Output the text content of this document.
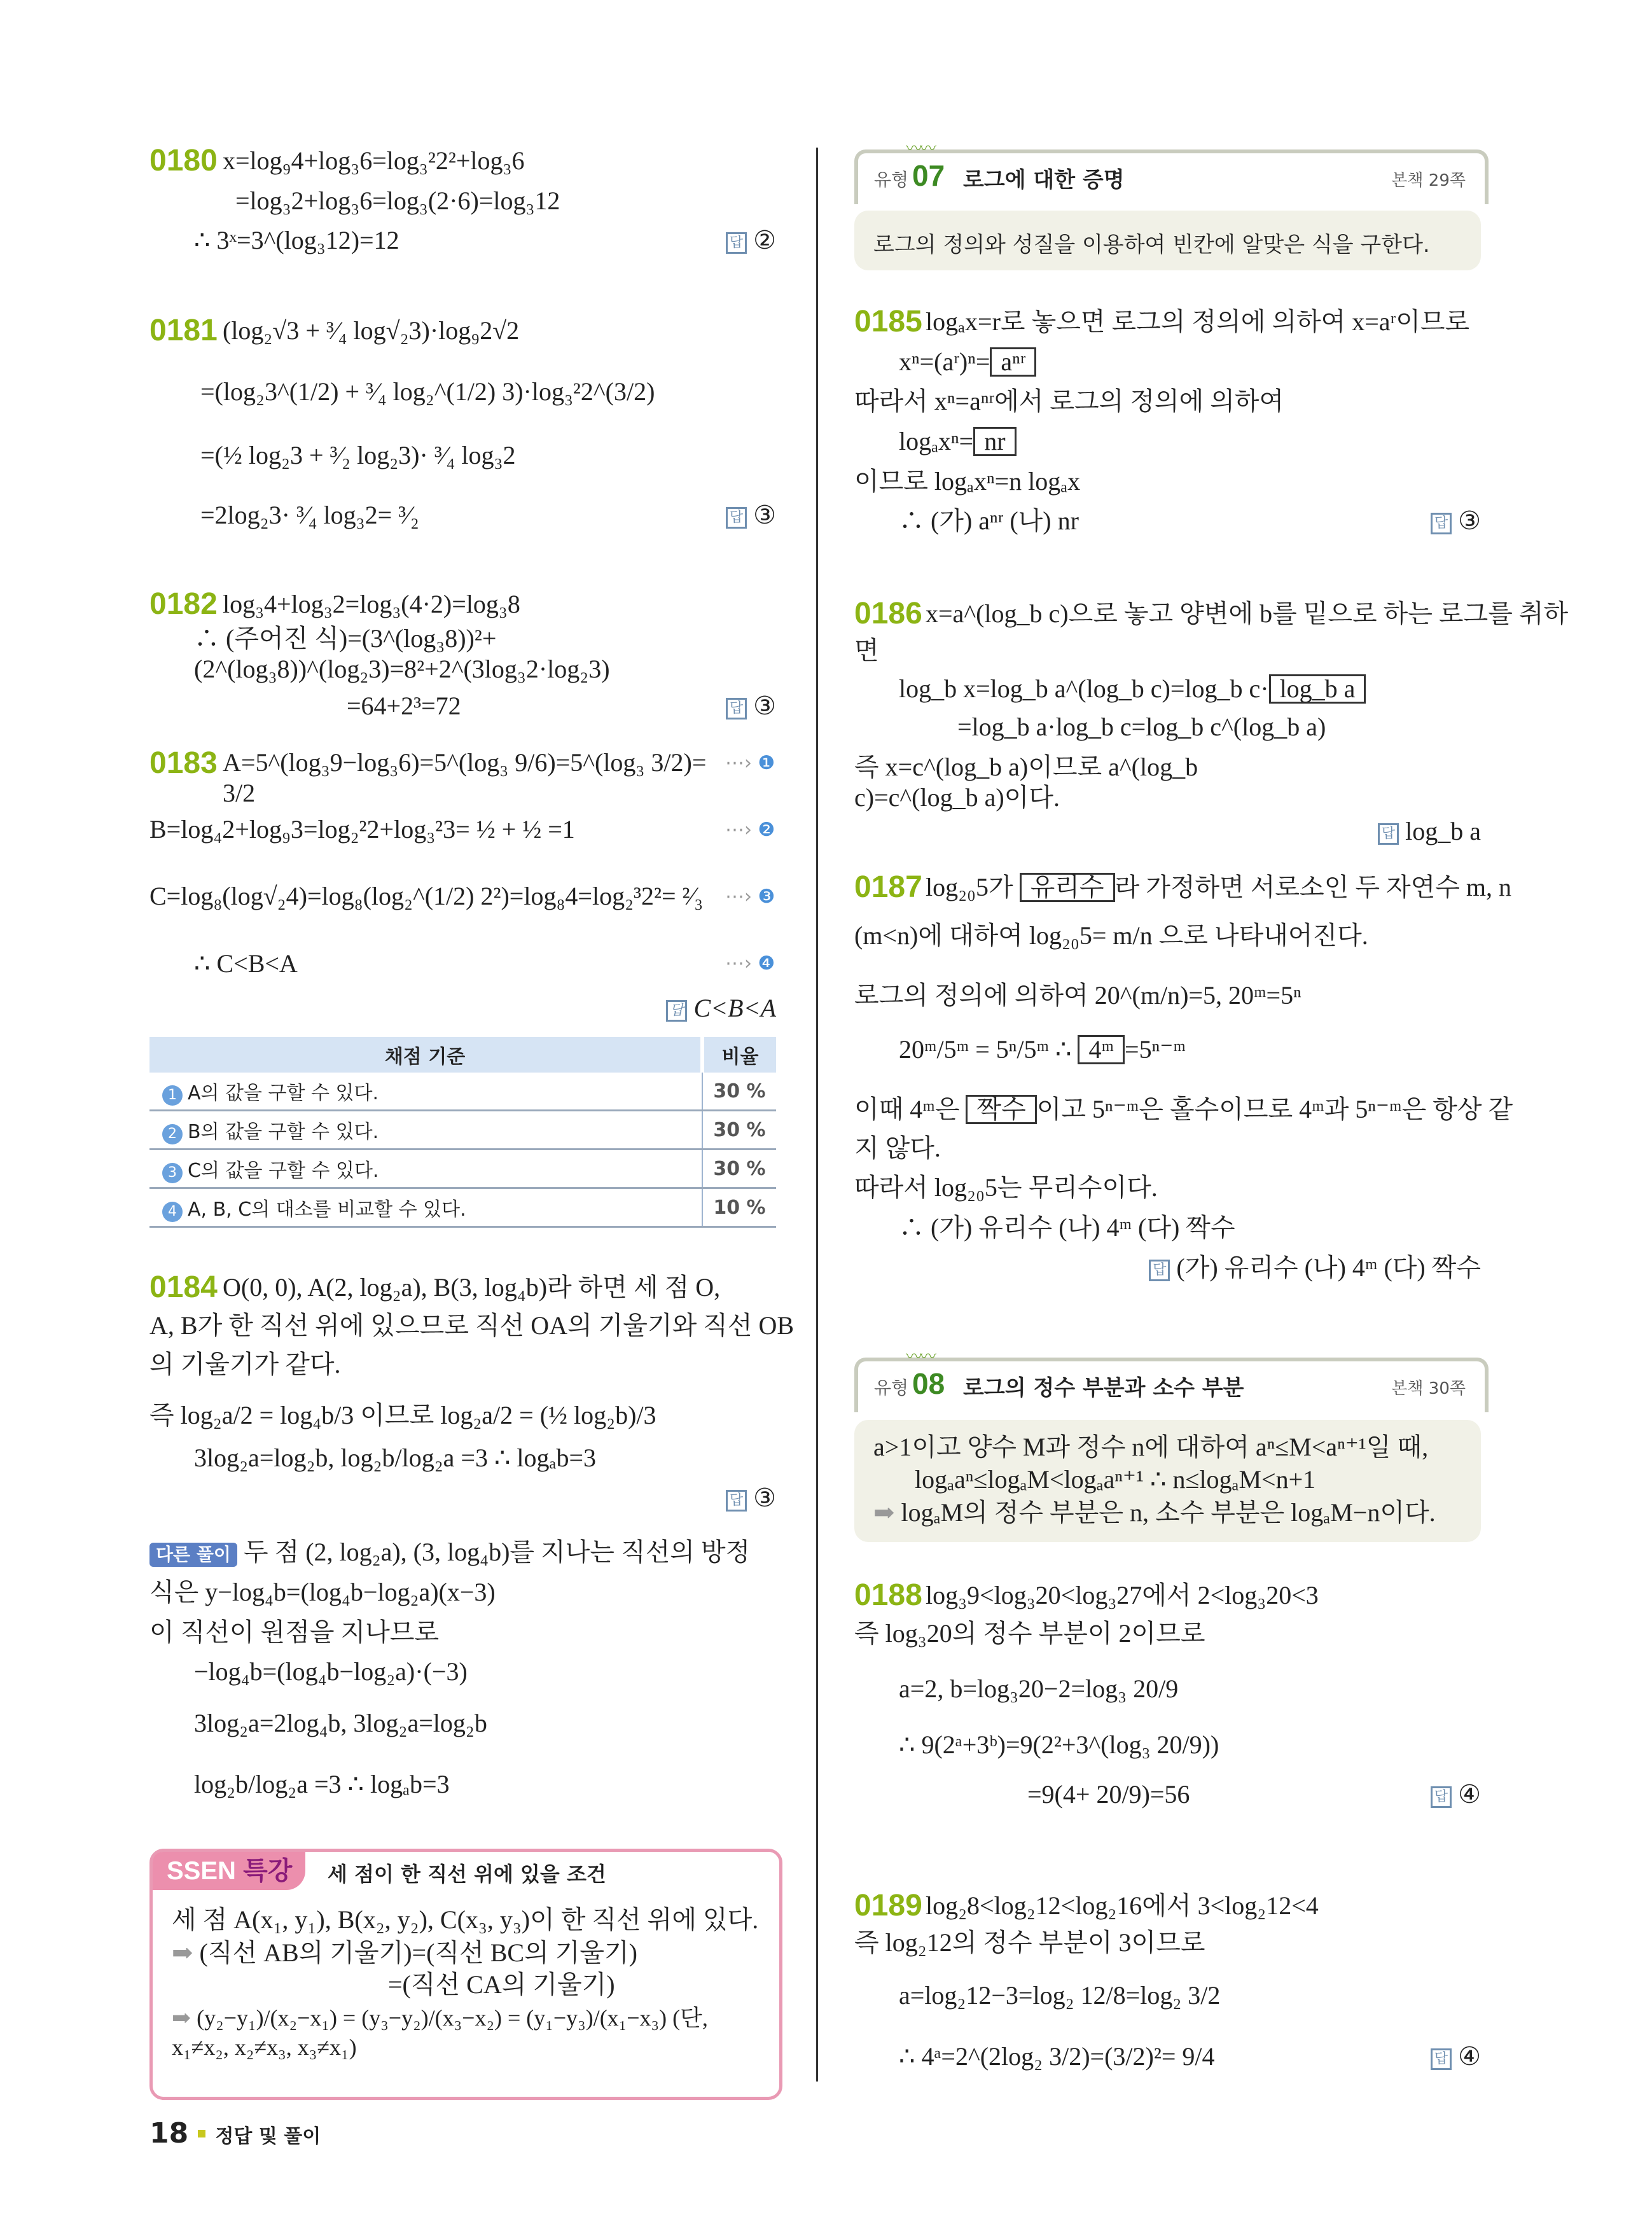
0180 x=log₉4+log₃6=log₃²2²+log₃6
=log₃2+log₃6=log₃(2·6)=log₃12
∴ 3ˣ=3^(log₃12)=12	답 ②
0181 (log₂√3 + ³⁄₄ log√₂3)·log₉2√2
=(log₂3^(1/2) + ³⁄₄ log₂^(1/2) 3)·log₃²2^(3/2)
=(½ log₂3 + ³⁄₂ log₂3)· ³⁄₄ log₃2
=2log₂3· ³⁄₄ log₃2= ³⁄₂	답 ③
0182 log₃4+log₃2=log₃(4·2)=log₃8
∴ (주어진 식)=(3^(log₃8))²+(2^(log₃8))^(log₂3)=8²+2^(3log₃2·log₂3)
=64+2³=72	답 ③
0183 A=5^(log₃9−log₃6)=5^(log₃ 9/6)=5^(log₃ 3/2)= 3/2
B=log₄2+log₉3=log₂²2+log₃²3= ½ + ½ =1
C=log₈(log√₂4)=log₈(log₂^(1/2) 2²)=log₈4=log₂³2²= ²⁄₃
∴ C<B<A
⋯› ❶
⋯› ❷
⋯› ❸
⋯› ❹
답 C<B<A
채점 기준	비율
1 A의 값을 구할 수 있다.	30 %
2 B의 값을 구할 수 있다.	30 %
3 C의 값을 구할 수 있다.	30 %
4 A, B, C의 대소를 비교할 수 있다.	10 %
0184 O(0, 0), A(2, log₂a), B(3, log₄b)라 하면 세 점 O,
A, B가 한 직선 위에 있으므로 직선 OA의 기울기와 직선 OB
의 기울기가 같다.
즉 log₂a/2 = log₄b/3 이므로 log₂a/2 = (½ log₂b)/3
3log₂a=log₂b, log₂b/log₂a =3 ∴ logₐb=3
답 ③
다른 풀이 두 점 (2, log₂a), (3, log₄b)를 지나는 직선의 방정
식은 y−log₄b=(log₄b−log₂a)(x−3)
이 직선이 원점을 지나므로
−log₄b=(log₄b−log₂a)·(−3)
3log₂a=2log₄b, 3log₂a=log₂b
log₂b/log₂a =3 ∴ logₐb=3
SSEN 특강	세 점이 한 직선 위에 있을 조건
세 점 A(x₁, y₁), B(x₂, y₂), C(x₃, y₃)이 한 직선 위에 있다.
➡ (직선 AB의 기울기)=(직선 BC의 기울기)
=(직선 CA의 기울기)
➡ (y₂−y₁)/(x₂−x₁) = (y₃−y₂)/(x₃−x₂) = (y₁−y₃)/(x₁−x₃) (단, x₁≠x₂, x₂≠x₃, x₃≠x₁)
18 정답 및 풀이
〰〰
유형 07 로그에 대한 증명	본책 29쪽
로그의 정의와 성질을 이용하여 빈칸에 알맞은 식을 구한다.
0185 logₐx=r로 놓으면 로그의 정의에 의하여 x=aʳ이므로
xⁿ=(aʳ)ⁿ= aⁿʳ
따라서 xⁿ=aⁿʳ에서 로그의 정의에 의하여
logₐxⁿ= nr
이므로 logₐxⁿ=n logₐx
∴ (가) aⁿʳ (나) nr	답 ③
0186 x=a^(log_b c)으로 놓고 양변에 b를 밑으로 하는 로그를 취하
면
log_b x=log_b a^(log_b c)=log_b c· log_b a
=log_b a·log_b c=log_b c^(log_b a)
즉 x=c^(log_b a)이므로 a^(log_b c)=c^(log_b a)이다.
답 log_b a
0187 log₂₀5가 유리수 라 가정하면 서로소인 두 자연수 m, n
(m<n)에 대하여 log₂₀5= m/n 으로 나타내어진다.
로그의 정의에 의하여 20^(m/n)=5, 20ᵐ=5ⁿ
20ᵐ/5ᵐ = 5ⁿ/5ᵐ ∴ 4ᵐ =5ⁿ⁻ᵐ
이때 4ᵐ은 짝수 이고 5ⁿ⁻ᵐ은 홀수이므로 4ᵐ과 5ⁿ⁻ᵐ은 항상 같
지 않다.
따라서 log₂₀5는 무리수이다.
∴ (가) 유리수 (나) 4ᵐ (다) 짝수
답 (가) 유리수 (나) 4ᵐ (다) 짝수
〰〰
유형 08 로그의 정수 부분과 소수 부분	본책 30쪽
a>1이고 양수 M과 정수 n에 대하여 aⁿ≤M<aⁿ⁺¹일 때,
logₐaⁿ≤logₐM<logₐaⁿ⁺¹ ∴ n≤logₐM<n+1
➡ logₐM의 정수 부분은 n, 소수 부분은 logₐM−n이다.
0188 log₃9<log₃20<log₃27에서 2<log₃20<3
즉 log₃20의 정수 부분이 2이므로
a=2, b=log₃20−2=log₃ 20/9
∴ 9(2ᵃ+3ᵇ)=9(2²+3^(log₃ 20/9))
=9(4+ 20/9)=56	답 ④
0189 log₂8<log₂12<log₂16에서 3<log₂12<4
즉 log₂12의 정수 부분이 3이므로
a=log₂12−3=log₂ 12/8=log₂ 3/2
∴ 4ᵃ=2^(2log₂ 3/2)=(3/2)²= 9/4	답 ④
